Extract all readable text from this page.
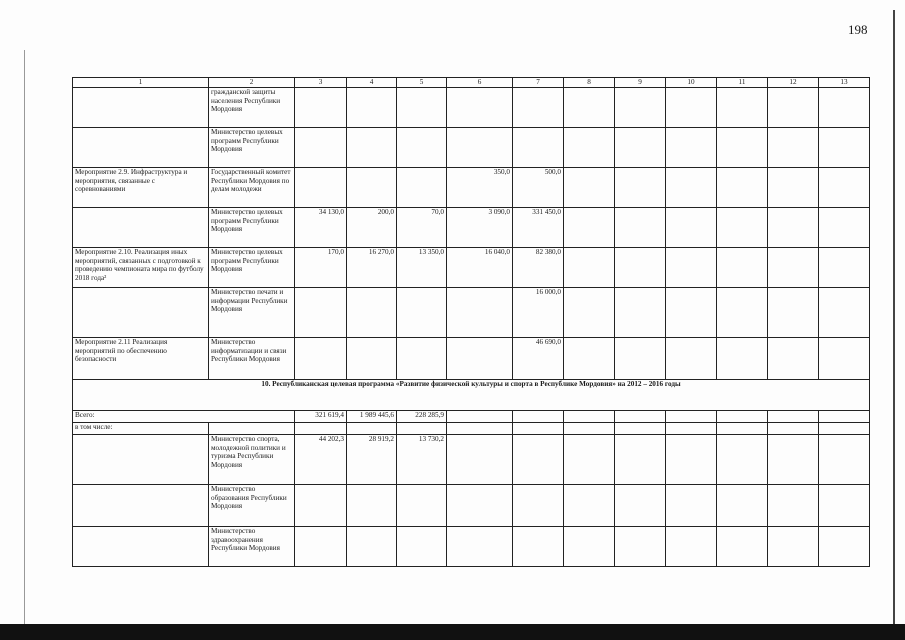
198
1	2	3	4	5	6	7	8	9	10	11	12	13
	гражданской защиты населения Республики Мордовия											
	Министерство целевых программ Республики Мордовия											
Мероприятие 2.9. Инфраструктура и мероприятия, связанные с соревнованиями	Государственный комитет Республики Мордовия по делам молодежи				350,0	500,0						
	Министерство целевых программ Республики Мордовия	34 130,0	200,0	70,0	3 090,0	331 450,0						
Мероприятие 2.10. Реализация иных мероприятий, связанных с подготовкой к проведению чемпионата мира по футболу 2018 года²	Министерство целевых программ Республики Мордовия	170,0	16 270,0	13 350,0	16 040,0	82 380,0						
	Министерство печати и информации Республики Мордовия					16 000,0						
Мероприятие 2.11 Реализация мероприятий по обеспечению безопасности	Министерство информатизации и связи Республики Мордовия					46 690,0						
10. Республиканская целевая программа «Развитие физической культуры и спорта в Республике Мордовия» на 2012 – 2016 годы												
Всего:		321 619,4	1 989 445,6	228 285,9								
в том числе:												
	Министерство спорта, молодежной политики и туризма Республики Мордовия	44 202,3	28 919,2	13 730,2								
	Министерство образования Республики Мордовия											
	Министерство здравоохранения Республики Мордовия											
